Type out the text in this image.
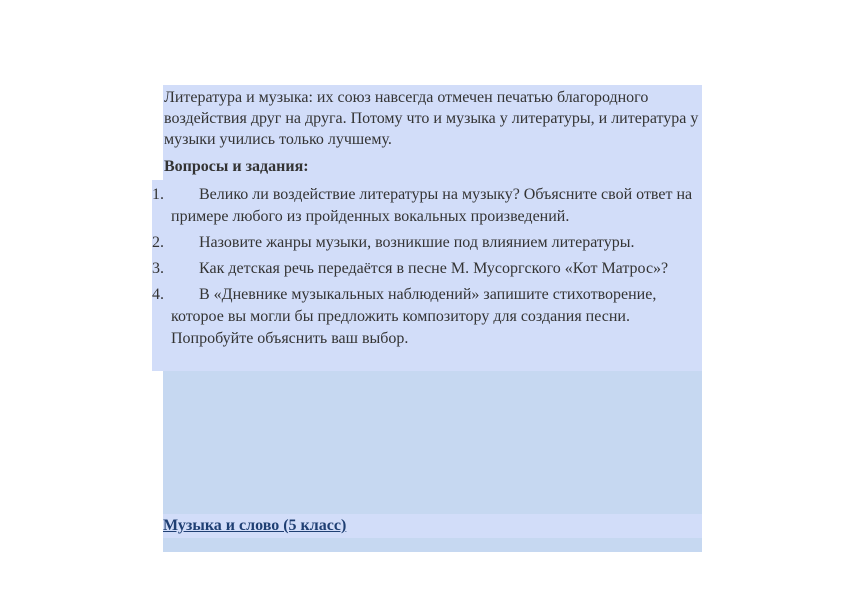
Литература и музыка: их союз навсегда отмечен печатью благородного воздействия друг на друга. Потому что и музыка у литературы, и литература у музыки учились только лучшему.

Вопросы и задания:

1.	Велико ли воздействие литературы на музыку? Объясните свой ответ на примере любого из пройденных вокальных произведений.
2.	Назовите жанры музыки, возникшие под влиянием литературы.
3.	Как детская речь передаётся в песне М. Мусоргского «Кот Матрос»?
4.	В «Дневнике музыкальных наблюдений» запишите стихотворение, которое вы могли бы предложить композитору для создания песни. Попробуйте объяснить ваш выбор.
Музыка и слово (5 класс)
